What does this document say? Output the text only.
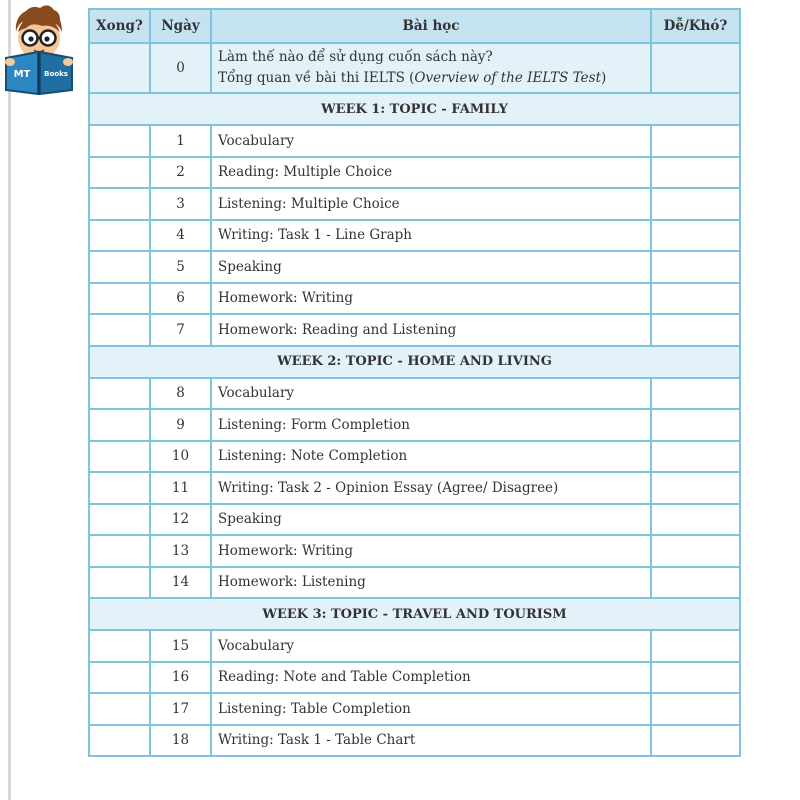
MT Books
Xong?	Ngày	Bài học	Dễ/Khó?
	0	Làm thế nào để sử dụng cuốn sách này?
Tổng quan về bài thi IELTS (Overview of the IELTS Test)	

WEEK 1: TOPIC - FAMILY			
	1	Vocabulary	
	2	Reading: Multiple Choice	
	3	Listening: Multiple Choice	
	4	Writing: Task 1 - Line Graph	
	5	Speaking	
	6	Homework: Writing	
	7	Homework: Reading and Listening	
WEEK 2: TOPIC - HOME AND LIVING			
	8	Vocabulary	
	9	Listening: Form Completion	
	10	Listening: Note Completion	
	11	Writing: Task 2 - Opinion Essay (Agree/ Disagree)	
	12	Speaking	
	13	Homework: Writing	
	14	Homework: Listening	
WEEK 3: TOPIC - TRAVEL AND TOURISM			
	15	Vocabulary	
	16	Reading: Note and Table Completion	
	17	Listening: Table Completion	
	18	Writing: Task 1 - Table Chart	
